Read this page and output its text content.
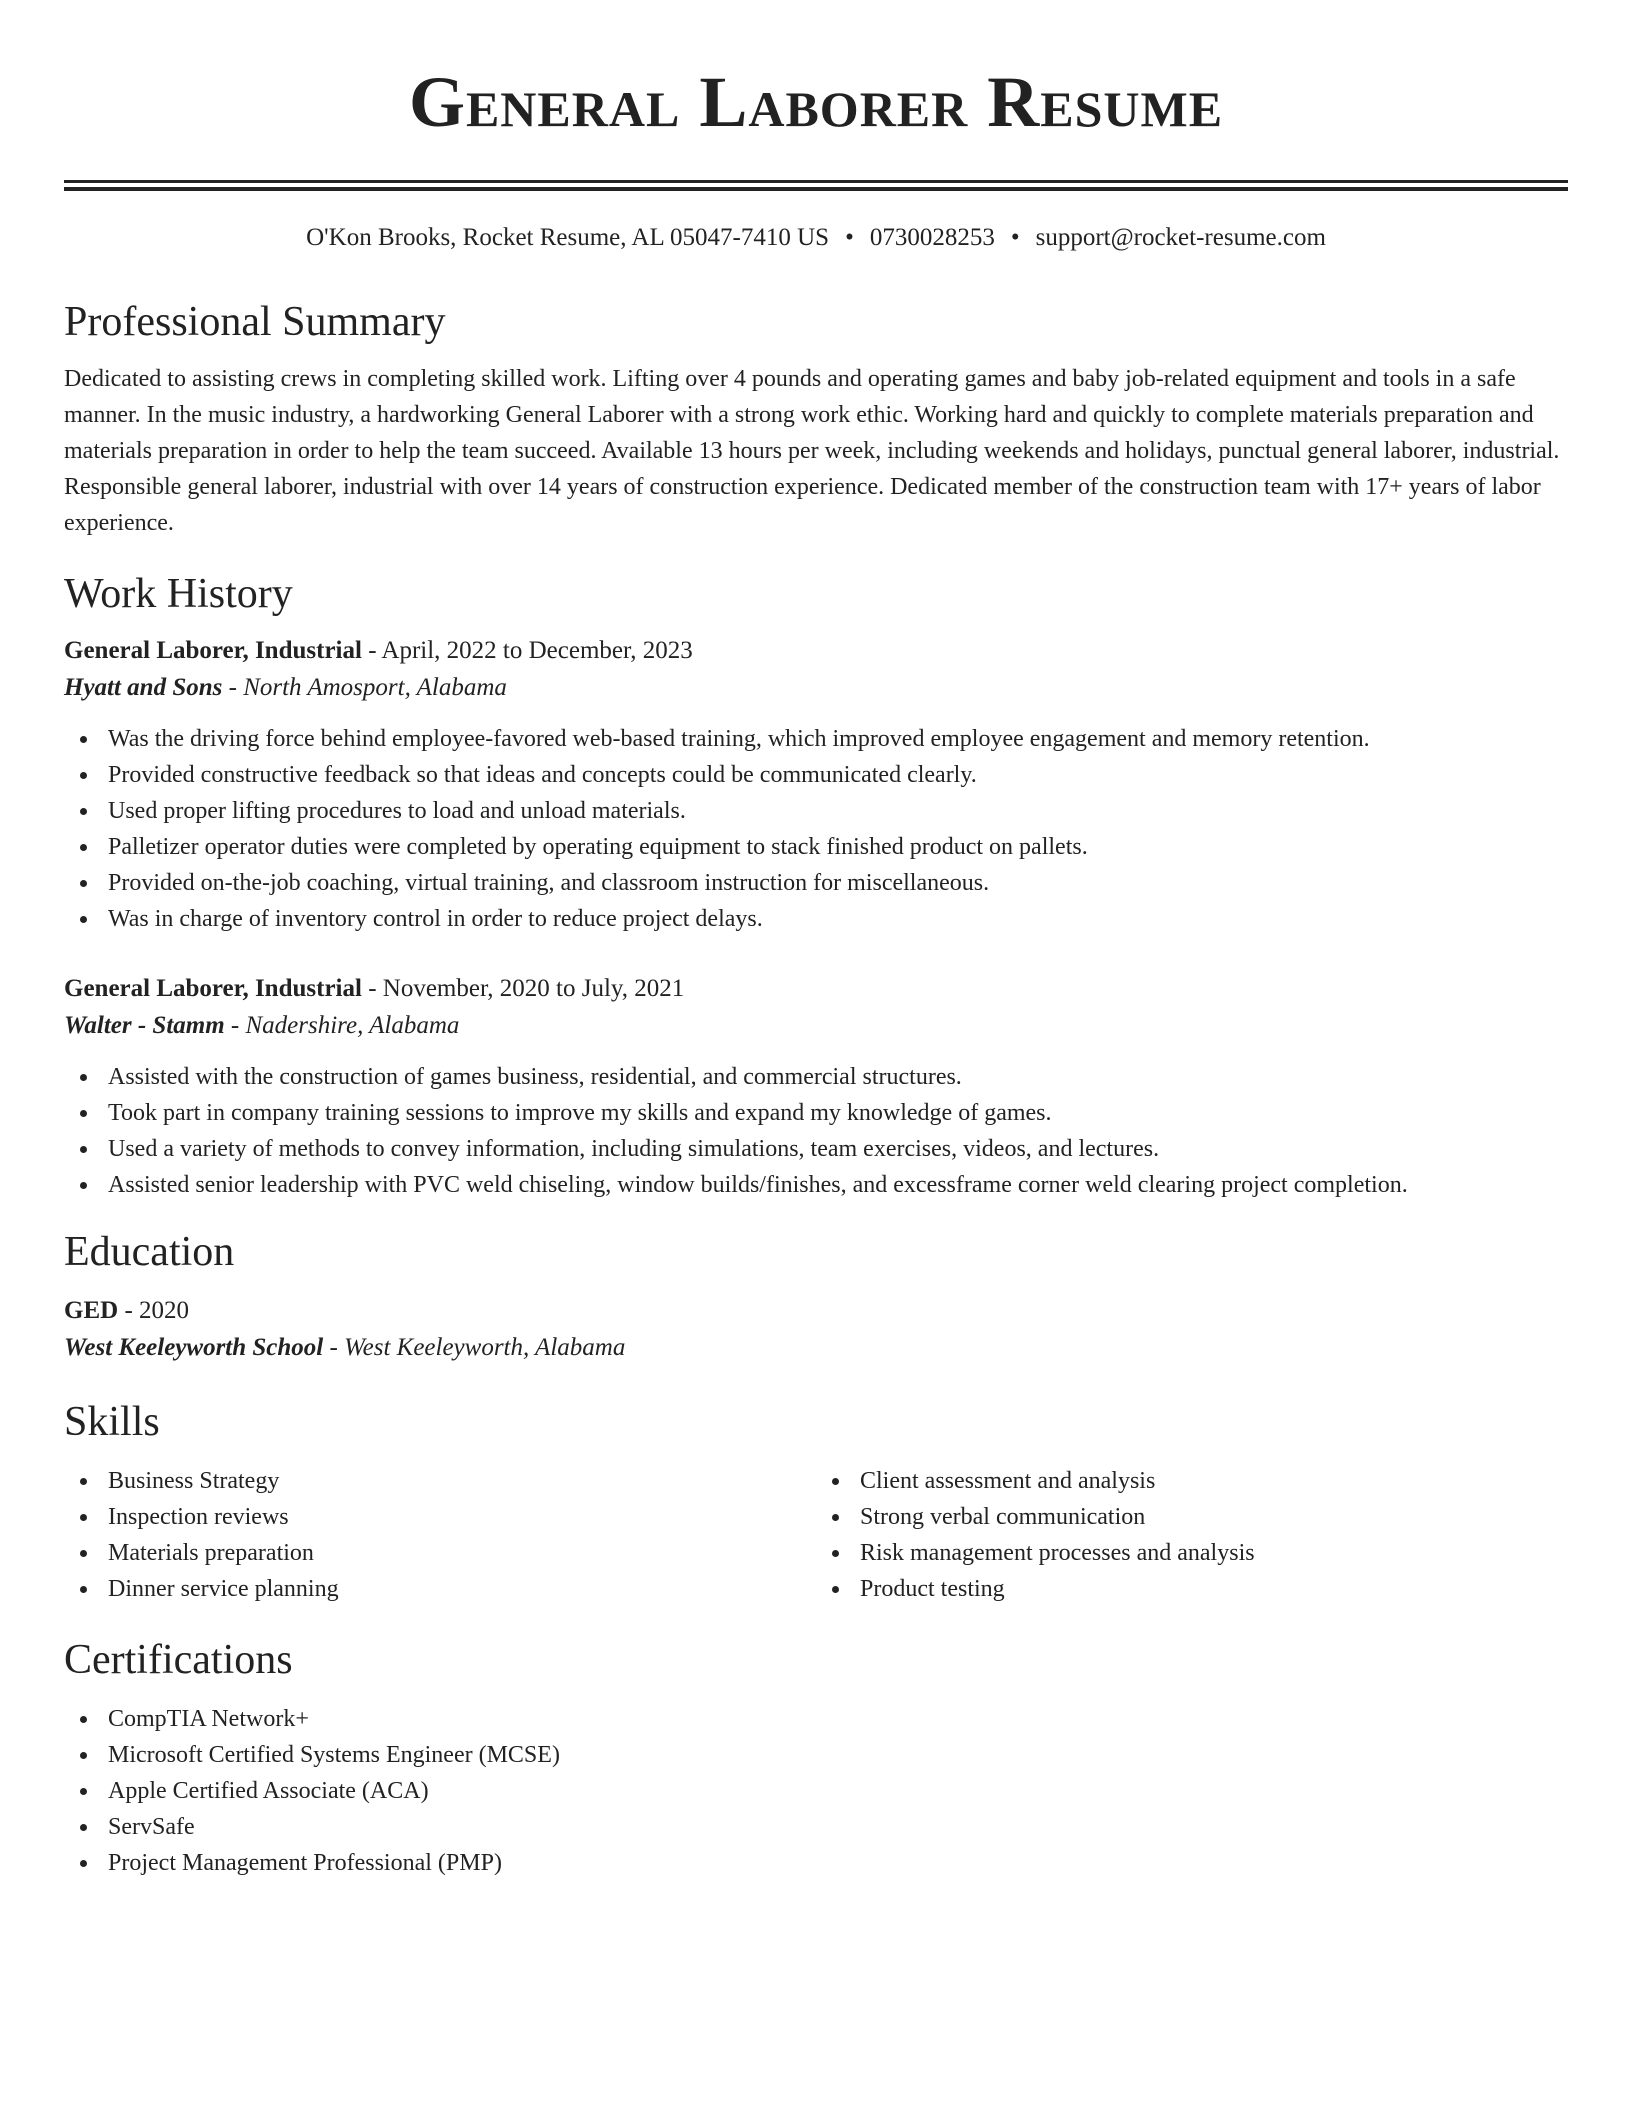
General Laborer Resume
O'Kon Brooks, Rocket Resume, AL 05047-7410 US • 0730028253 • support@rocket-resume.com
Professional Summary

Dedicated to assisting crews in completing skilled work. Lifting over 4 pounds and operating games and baby job-related equipment and tools in a safe manner. In the music industry, a hardworking General Laborer with a strong work ethic. Working hard and quickly to complete materials preparation and materials preparation in order to help the team succeed. Available 13 hours per week, including weekends and holidays, punctual general laborer, industrial. Responsible general laborer, industrial with over 14 years of construction experience. Dedicated member of the construction team with 17+ years of labor experience.

Work History
General Laborer, Industrial - April, 2022 to December, 2023
Hyatt and Sons - North Amosport, Alabama
Was the driving force behind employee-favored web-based training, which improved employee engagement and memory retention.
Provided constructive feedback so that ideas and concepts could be communicated clearly.
Used proper lifting procedures to load and unload materials.
Palletizer operator duties were completed by operating equipment to stack finished product on pallets.
Provided on-the-job coaching, virtual training, and classroom instruction for miscellaneous.
Was in charge of inventory control in order to reduce project delays.
General Laborer, Industrial - November, 2020 to July, 2021
Walter - Stamm - Nadershire, Alabama
Assisted with the construction of games business, residential, and commercial structures.
Took part in company training sessions to improve my skills and expand my knowledge of games.
Used a variety of methods to convey information, including simulations, team exercises, videos, and lectures.
Assisted senior leadership with PVC weld chiseling, window builds/finishes, and excessframe corner weld clearing project completion.
Education
GED - 2020
West Keeleyworth School - West Keeleyworth, Alabama
Skills
Business Strategy
Inspection reviews
Materials preparation
Dinner service planning
Client assessment and analysis
Strong verbal communication
Risk management processes and analysis
Product testing
Certifications
CompTIA Network+
Microsoft Certified Systems Engineer (MCSE)
Apple Certified Associate (ACA)
ServSafe
Project Management Professional (PMP)
